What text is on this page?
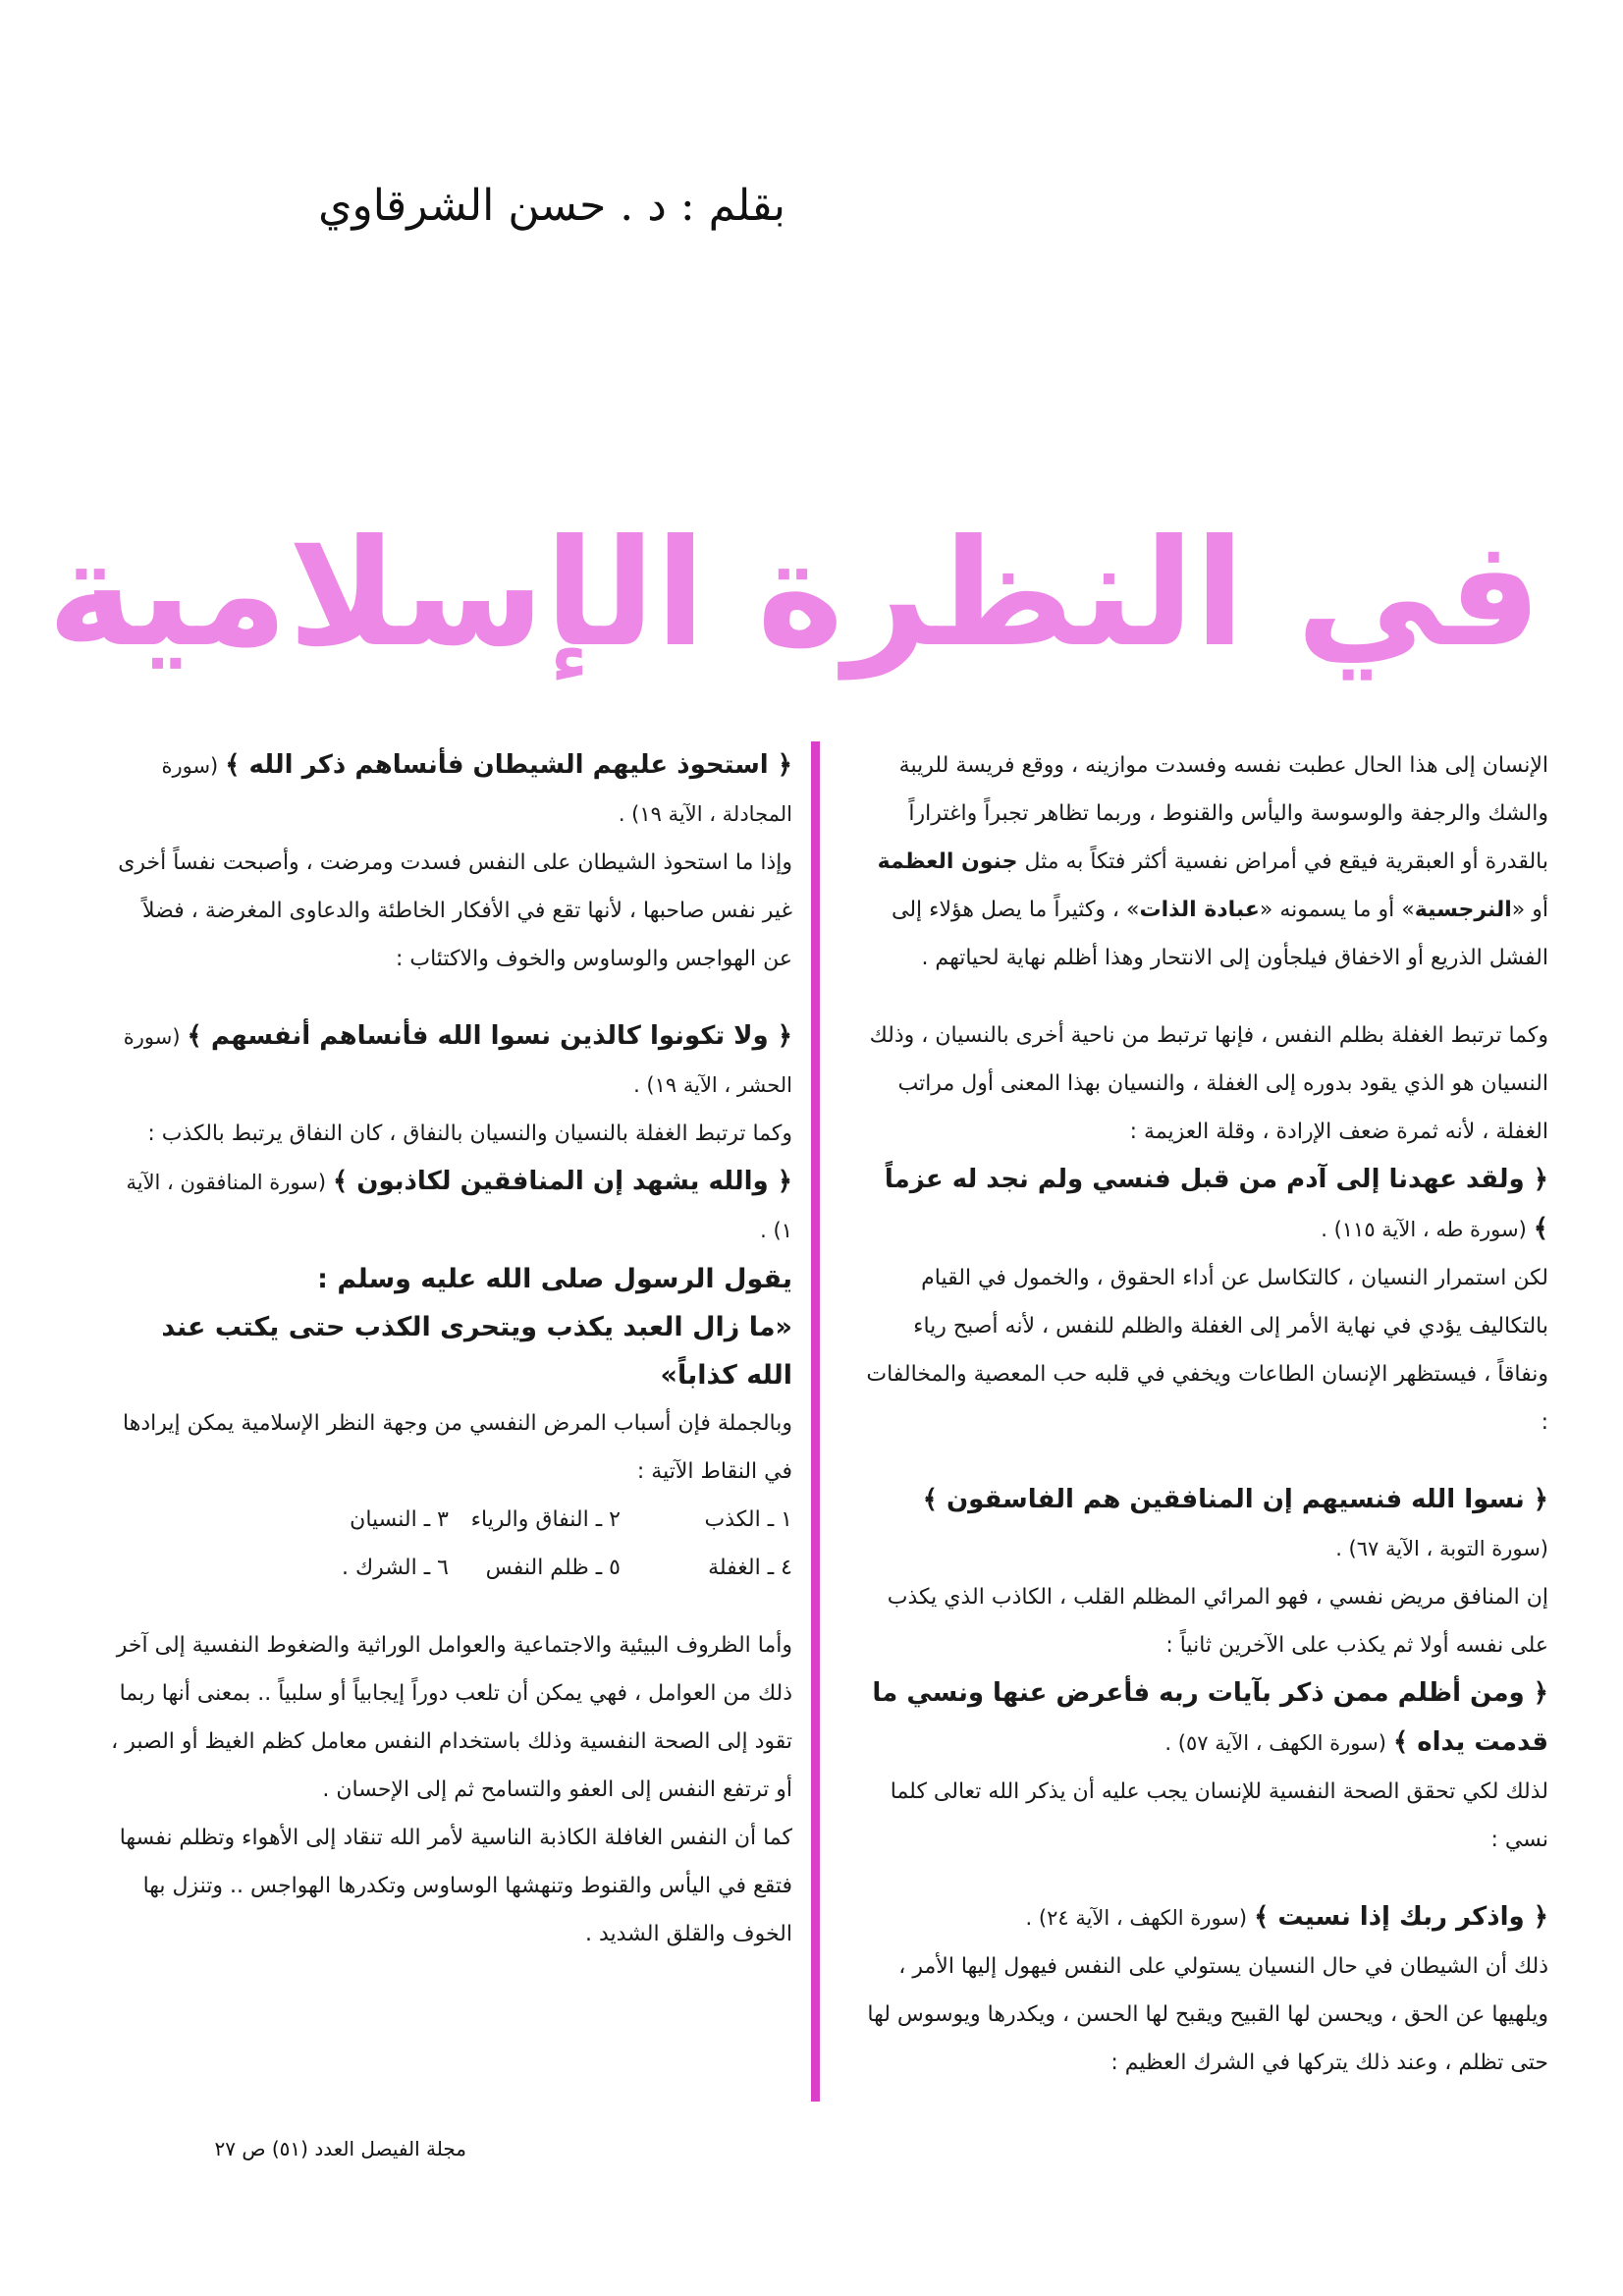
بقلم : د . حسن الشرقاوي
في النظرة الإسلامية

الإنسان إلى هذا الحال عطبت نفسه وفسدت موازينه ، ووقع فريسة للريبة والشك والرجفة والوسوسة واليأس والقنوط ، وربما تظاهر تجبراً واغتراراً بالقدرة أو العبقرية فيقع في أمراض نفسية أكثر فتكاً به مثل جنون العظمة أو «النرجسية» أو ما يسمونه «عبادة الذات» ، وكثيراً ما يصل هؤلاء إلى الفشل الذريع أو الاخفاق فيلجأون إلى الانتحار وهذا أظلم نهاية لحياتهم .

وكما ترتبط الغفلة بظلم النفس ، فإنها ترتبط من ناحية أخرى بالنسيان ، وذلك النسيان هو الذي يقود بدوره إلى الغفلة ، والنسيان بهذا المعنى أول مراتب الغفلة ، لأنه ثمرة ضعف الإرادة ، وقلة العزيمة :

﴿ ولقد عهدنا إلى آدم من قبل فنسي ولم نجد له عزماً ﴾ (سورة طه ، الآية ١١٥) .

لكن استمرار النسيان ، كالتكاسل عن أداء الحقوق ، والخمول في القيام بالتكاليف يؤدي في نهاية الأمر إلى الغفلة والظلم للنفس ، لأنه أصبح رياء ونفاقاً ، فيستظهر الإنسان الطاعات ويخفي في قلبه حب المعصية والمخالفات :

﴿ نسوا الله فنسيهم إن المنافقين هم الفاسقون ﴾ (سورة التوبة ، الآية ٦٧) .

إن المنافق مريض نفسي ، فهو المرائي المظلم القلب ، الكاذب الذي يكذب على نفسه أولا ثم يكذب على الآخرين ثانياً :

﴿ ومن أظلم ممن ذكر بآيات ربه فأعرض عنها ونسي ما قدمت يداه ﴾ (سورة الكهف ، الآية ٥٧) .

لذلك لكي تحقق الصحة النفسية للإنسان يجب عليه أن يذكر الله تعالى كلما نسي :

﴿ واذكر ربك إذا نسيت ﴾ (سورة الكهف ، الآية ٢٤) .

ذلك أن الشيطان في حال النسيان يستولي على النفس فيهول إليها الأمر ، ويلهيها عن الحق ، ويحسن لها القبيح ويقبح لها الحسن ، ويكدرها ويوسوس لها حتى تظلم ، وعند ذلك يتركها في الشرك العظيم :

﴿ استحوذ عليهم الشيطان فأنساهم ذكر الله ﴾ (سورة المجادلة ، الآية ١٩) .

وإذا ما استحوذ الشيطان على النفس فسدت ومرضت ، وأصبحت نفساً أخرى غير نفس صاحبها ، لأنها تقع في الأفكار الخاطئة والدعاوى المغرضة ، فضلاً عن الهواجس والوساوس والخوف والاكتئاب :

﴿ ولا تكونوا كالذين نسوا الله فأنساهم أنفسهم ﴾ (سورة الحشر ، الآية ١٩) .

وكما ترتبط الغفلة بالنسيان والنسيان بالنفاق ، كان النفاق يرتبط بالكذب :

﴿ والله يشهد إن المنافقين لكاذبون ﴾ (سورة المنافقون ، الآية ١) .

يقول الرسول صلى الله عليه وسلم :

«ما زال العبد يكذب ويتحرى الكذب حتى يكتب عند الله كذاباً»

وبالجملة فإن أسباب المرض النفسي من وجهة النظر الإسلامية يمكن إيرادها في النقاط الآتية :

١ ـ الكذب
٢ ـ النفاق والرياء
٣ ـ النسيان
٤ ـ الغفلة
٥ ـ ظلم النفس
٦ ـ الشرك .

وأما الظروف البيئية والاجتماعية والعوامل الوراثية والضغوط النفسية إلى آخر ذلك من العوامل ، فهي يمكن أن تلعب دوراً إيجابياً أو سلبياً .. بمعنى أنها ربما تقود إلى الصحة النفسية وذلك باستخدام النفس معامل كظم الغيظ أو الصبر ، أو ترتفع النفس إلى العفو والتسامح ثم إلى الإحسان .

كما أن النفس الغافلة الكاذبة الناسية لأمر الله تنقاد إلى الأهواء وتظلم نفسها فتقع في اليأس والقنوط وتنهشها الوساوس وتكدرها الهواجس .. وتنزل بها الخوف والقلق الشديد .

مجلة الفيصل العدد (٥١) ص ٢٧
